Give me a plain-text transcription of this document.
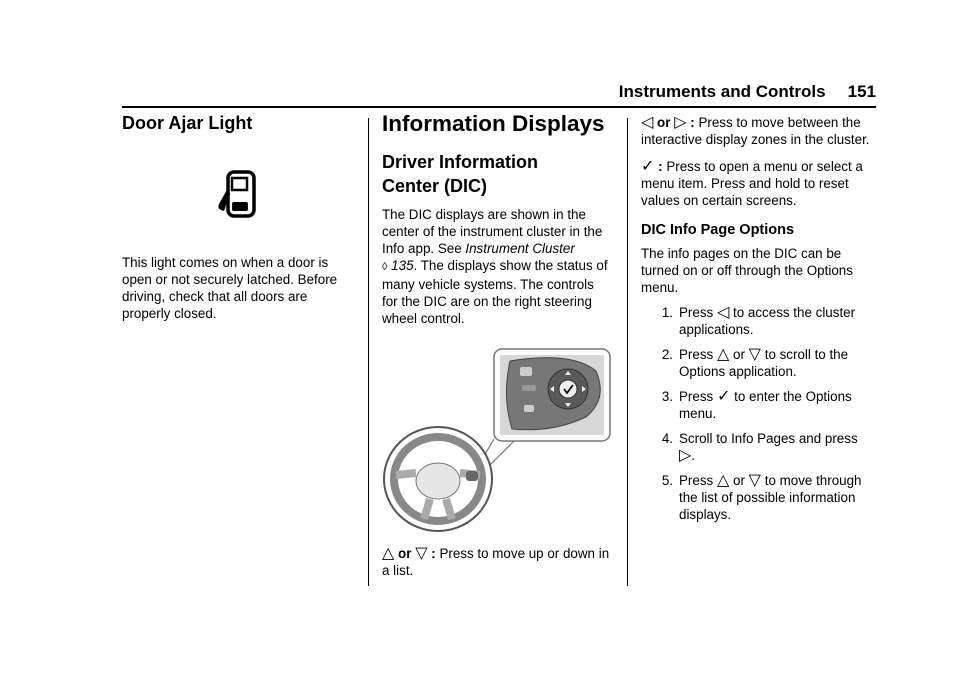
Instruments and Controls 151
Door Ajar Light

This light comes on when a door is open or not securely latched. Before driving, check that all doors are properly closed.

Information Displays
Driver Information
Center (DIC)

The DIC displays are shown in the center of the instrument cluster in the Info app. See Instrument Cluster
◊ 135. The displays show the status of many vehicle systems. The controls for the DIC are on the right steering wheel control.

△ or ▽ : Press to move up or down in a list.

◁ or ▷ : Press to move between the interactive display zones in the cluster.

✓ : Press to open a menu or select a menu item. Press and hold to reset values on certain screens.

DIC Info Page Options

The info pages on the DIC can be turned on or off through the Options menu.

1. Press ◁ to access the cluster applications.
2. Press △ or ▽ to scroll to the Options application.
3. Press ✓ to enter the Options menu.
4. Scroll to Info Pages and press ▷.
5. Press △ or ▽ to move through the list of possible information displays.
